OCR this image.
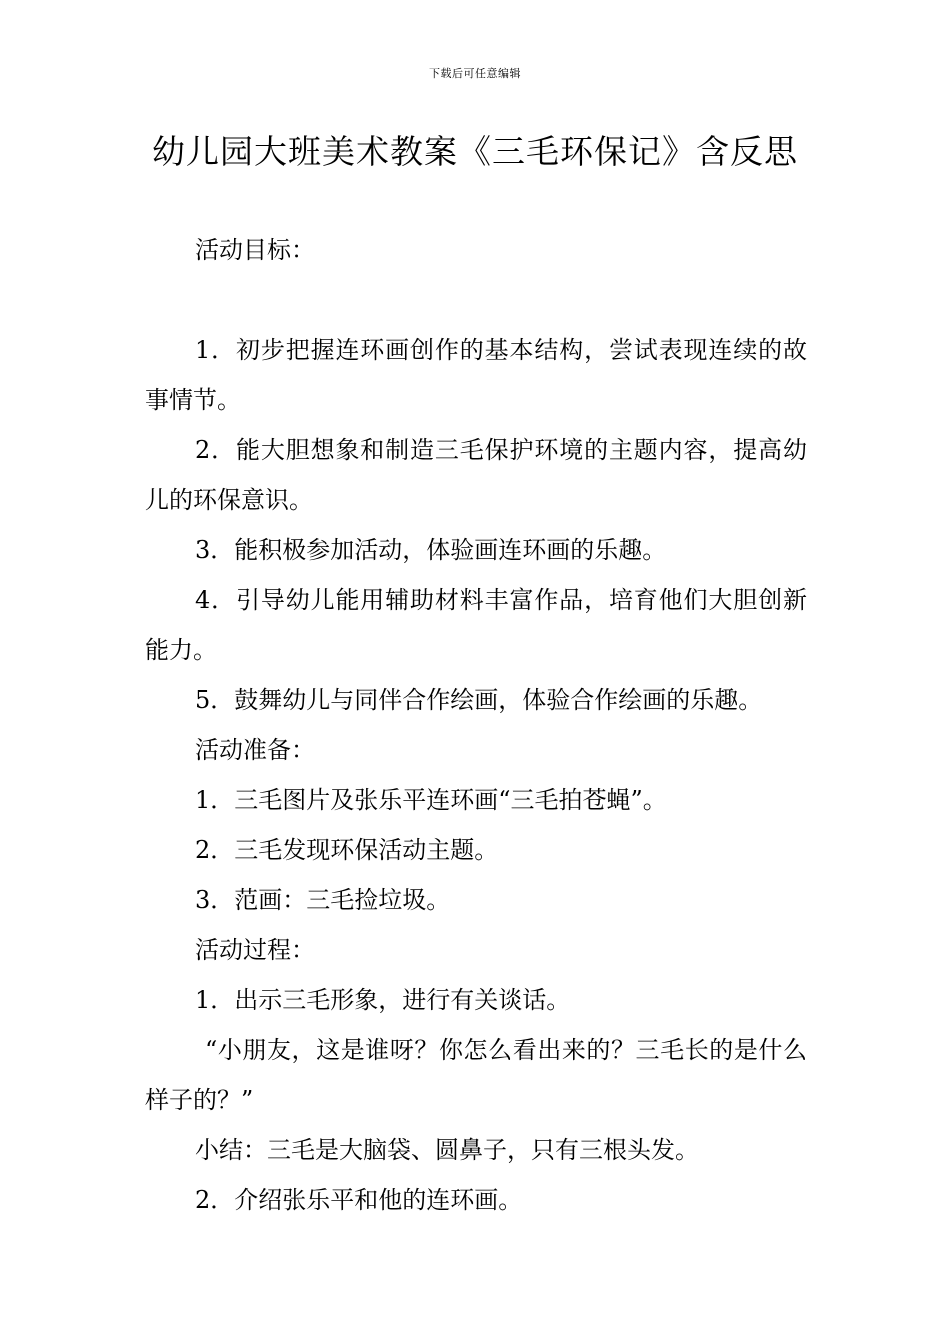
下载后可任意编辑
幼儿园大班美术教案《三毛环保记》含反思

活动目标：

1．初步把握连环画创作的基本结构，尝试表现连续的故事情节。

2．能大胆想象和制造三毛保护环境的主题内容，提高幼儿的环保意识。

3．能积极参加活动，体验画连环画的乐趣。

4．引导幼儿能用辅助材料丰富作品，培育他们大胆创新能力。

5．鼓舞幼儿与同伴合作绘画，体验合作绘画的乐趣。

活动准备：

1．三毛图片及张乐平连环画“三毛拍苍蝇”。

2．三毛发现环保活动主题。

3．范画：三毛捡垃圾。

活动过程：

1．出示三毛形象，进行有关谈话。

“小朋友，这是谁呀？你怎么看出来的？三毛长的是什么样子的？”

小结：三毛是大脑袋、圆鼻子，只有三根头发。

2．介绍张乐平和他的连环画。
